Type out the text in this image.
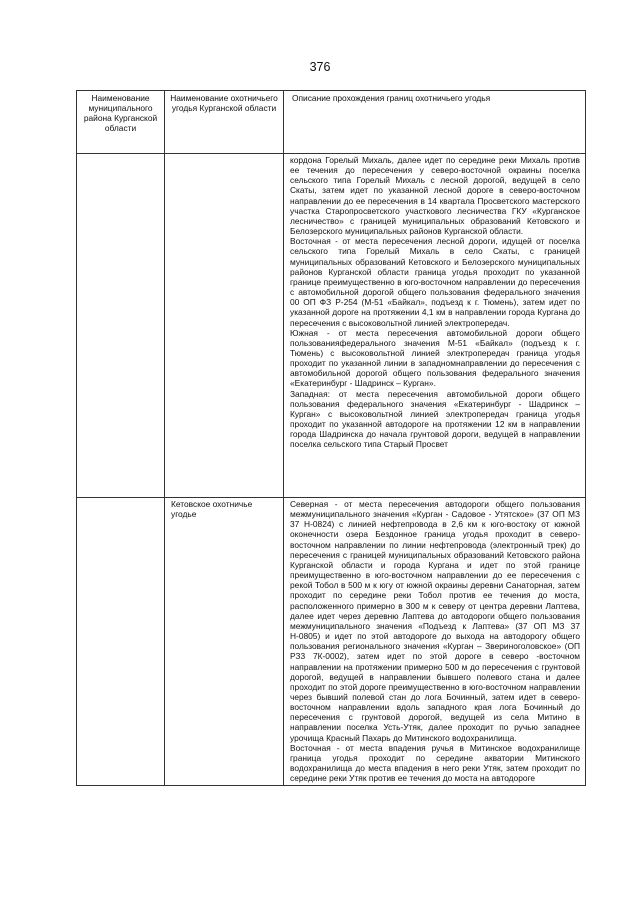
376
Наименование муниципального района Курганской области	Наименование охотничьего угодья Курганской области	Описание прохождения границ охотничьего угодья

		кордона Горелый Михаль, далее идет по середине реки Михаль против ее течения до пересечения у северо-восточной окраины поселка сельского типа Горелый Михаль с лесной дорогой, ведущей в село Скаты, затем идет по указанной лесной дороге в северо-восточном направлении до ее пересечения в 14 квартала Просветского мастерского участка Старопросветского участкового лесничества ГКУ «Курганское лесничество» с границей муниципальных образований Кетовского и Белозерского муниципальных районов Курганской области.
Восточная - от места пересечения лесной дороги, идущей от поселка сельского типа Горелый Михаль в село Скаты, с границей муниципальных образований Кетовского и Белозерского муниципальных районов Курганской области граница угодья проходит по указанной границе преимущественно в юго-восточном направлении до пересечения с автомобильной дорогой общего пользования федерального значения 00 ОП ФЗ Р-254 (М-51 «Байкал», подъезд к г. Тюмень), затем идет по указанной дороге на протяжении 4,1 км в направлении города Кургана до пересечения с высоковольтной линией электропередач.
Южная - от места пересечения автомобильной дороги общего пользованияфедерального значения М-51 «Байкал» (подъезд к г. Тюмень) с высоковольтной линией электропередач граница угодья проходит по указанной линии в западномнаправлении до пересечения с автомобильной дорогой общего пользования федерального значения «Екатеринбург - Шадринск – Курган».
Западная: от места пересечения автомобильной дороги общего пользования федерального значения «Екатеринбург - Шадринск – Курган» с высоковольтной линией электропередач граница угодья проходит по указанной автодороге на протяжении 12 км в направлении города Шадринска до начала грунтовой дороги, ведущей в направлении поселка сельского типа Старый Просвет

	Кетовское охотничье угодье	Северная - от места пересечения автодороги общего пользования межмуниципального значения «Курган - Садовое - Утятское» (37 ОП МЗ 37 Н-0824) с линией нефтепровода в 2,6 км к юго-востоку от южной оконечности озера Бездонное граница угодья проходит в северо-восточном направлении по линии нефтепровода (электронный трек) до пересечения с границей муниципальных образований Кетовского района Курганской области и города Кургана и идет по этой границе преимущественно в юго-восточном направлении до ее пересечения с рекой Тобол в 500 м к югу от южной окраины деревни Санаторная, затем проходит по середине реки Тобол против ее течения до моста, расположенного примерно в 300 м к северу от центра деревни Лаптева, далее идет через деревню Лаптева до автодороги общего пользования межмуниципального значения «Подъезд к Лаптева» (37 ОП МЗ 37 Н-0805) и идет по этой автодороге до выхода на автодорогу общего пользования регионального значения «Курган – Звериноголовское» (ОП РЗ3 7К-0002), затем идет по этой дороге в северо -восточном направлении на протяжении примерно 500 м до пересечения с грунтовой дорогой, ведущей в направлении бывшего полевого стана и далее проходит по этой дороге преимущественно в юго-восточном направлении через бывший полевой стан до лога Бочинный, затем идет в северо-восточном направлении вдоль западного края лога Бочинный до пересечения с грунтовой дорогой, ведущей из села Митино в направлении поселка Усть-Утяк, далее проходит по ручью западнее урочища Красный Пахарь до Митинского водохранилища.
Восточная - от места впадения ручья в Митинское водохранилище граница угодья проходит по середине акватории Митинского водохранилища до места впадения в него реки Утяк, затем проходит по середине реки Утяк против ее течения до моста на автодороге
